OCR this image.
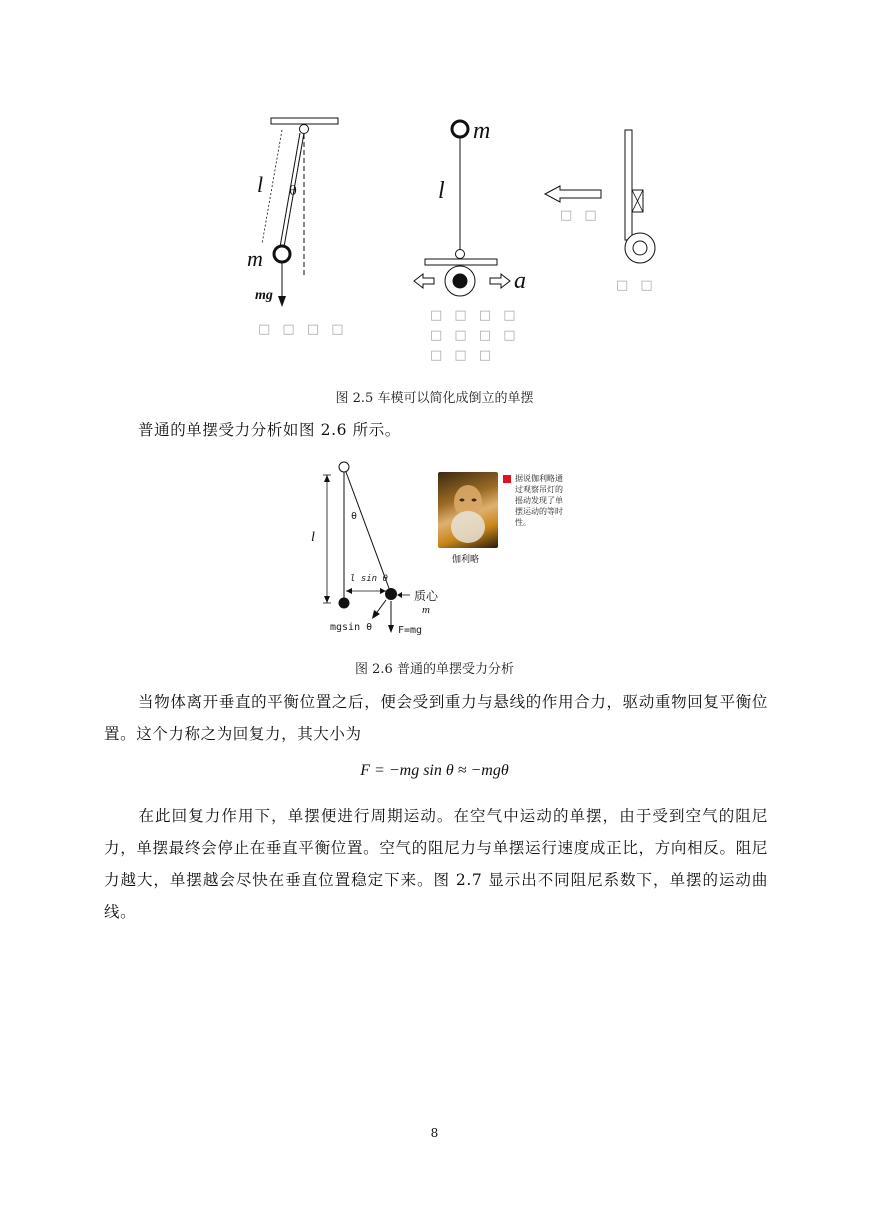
l θ
m
mg
□ □ □ □
m
l
a
□ □ □ □
□ □ □ □
□ □ □
□ □
□ □
图 2.5 车模可以简化成倒立的单摆
普通的单摆受力分析如图 2.6 所示。
l
θ
l sin θ
质心
m
mgsin θ	F=mg
伽利略
据说伽利略通
过观察吊灯的
摇动发现了单
摆运动的等时
性。
图 2.6 普通的单摆受力分析
当物体离开垂直的平衡位置之后，便会受到重力与悬线的作用合力，驱动重物回复平衡位置。这个力称之为回复力，其大小为
F = −mg sin θ ≈ −mgθ
在此回复力作用下，单摆便进行周期运动。在空气中运动的单摆，由于受到空气的阻尼力，单摆最终会停止在垂直平衡位置。空气的阻尼力与单摆运行速度成正比，方向相反。阻尼力越大，单摆越会尽快在垂直位置稳定下来。图 2.7 显示出不同阻尼系数下，单摆的运动曲线。
8
